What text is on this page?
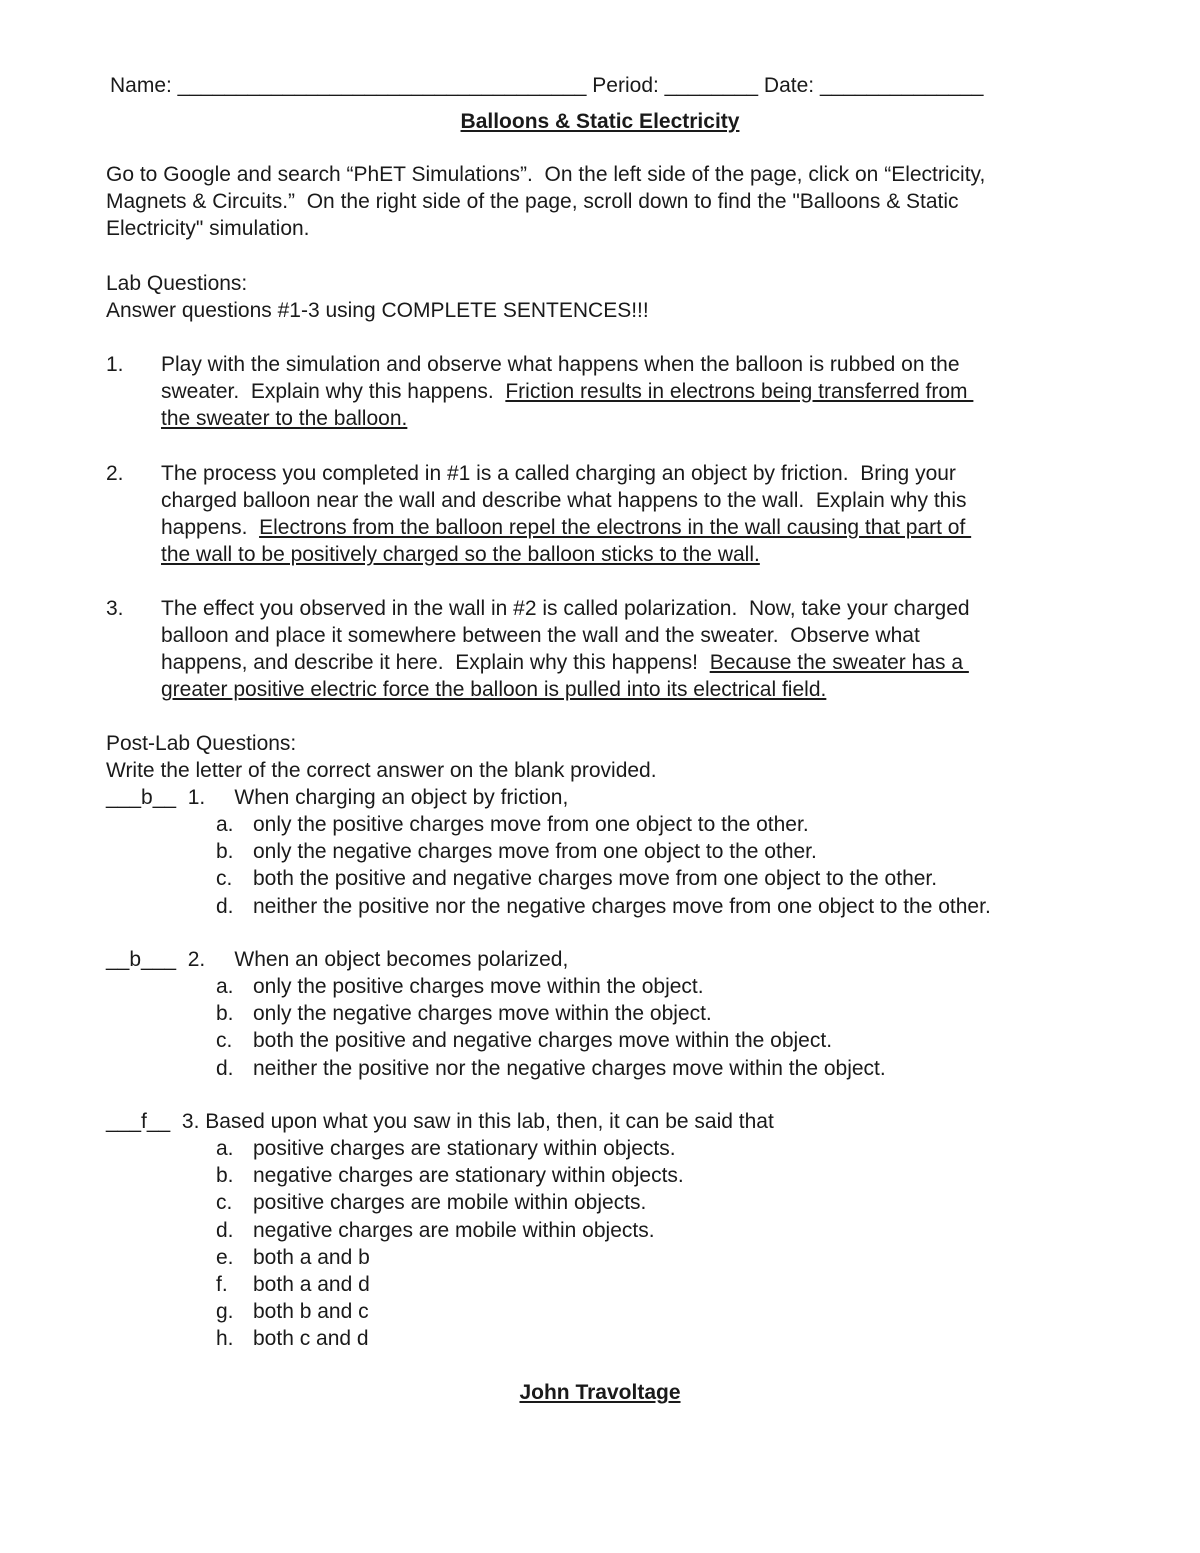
Name: ___________________________________ Period: ________ Date: ______________
Balloons & Static Electricity
Go to Google and search “PhET Simulations”.  On the left side of the page, click on “Electricity,
Magnets & Circuits.”  On the right side of the page, scroll down to find the "Balloons & Static
Electricity" simulation.
Lab Questions:
Answer questions #1-3 using COMPLETE SENTENCES!!!
1. Play with the simulation and observe what happens when the balloon is rubbed on the
sweater.  Explain why this happens.  Friction results in electrons being transferred from
the sweater to the balloon.
2. The process you completed in #1 is a called charging an object by friction.  Bring your
charged balloon near the wall and describe what happens to the wall.  Explain why this
happens.  Electrons from the balloon repel the electrons in the wall causing that part of
the wall to be positively charged so the balloon sticks to the wall.
3. The effect you observed in the wall in #2 is called polarization.  Now, take your charged
balloon and place it somewhere between the wall and the sweater.  Observe what
happens, and describe it here.  Explain why this happens!  Because the sweater has a
greater positive electric force the balloon is pulled into its electrical field.
Post-Lab Questions:
Write the letter of the correct answer on the blank provided.
___b__  1.     When charging an object by friction,
a. only the positive charges move from one object to the other.
b. only the negative charges move from one object to the other.
c. both the positive and negative charges move from one object to the other.
d. neither the positive nor the negative charges move from one object to the other.
__b___  2.     When an object becomes polarized,
a. only the positive charges move within the object.
b. only the negative charges move within the object.
c. both the positive and negative charges move within the object.
d. neither the positive nor the negative charges move within the object.
___f__  3. Based upon what you saw in this lab, then, it can be said that
a. positive charges are stationary within objects.
b. negative charges are stationary within objects.
c. positive charges are mobile within objects.
d. negative charges are mobile within objects.
e. both a and b
f. both a and d
g. both b and c
h. both c and d
John Travoltage
